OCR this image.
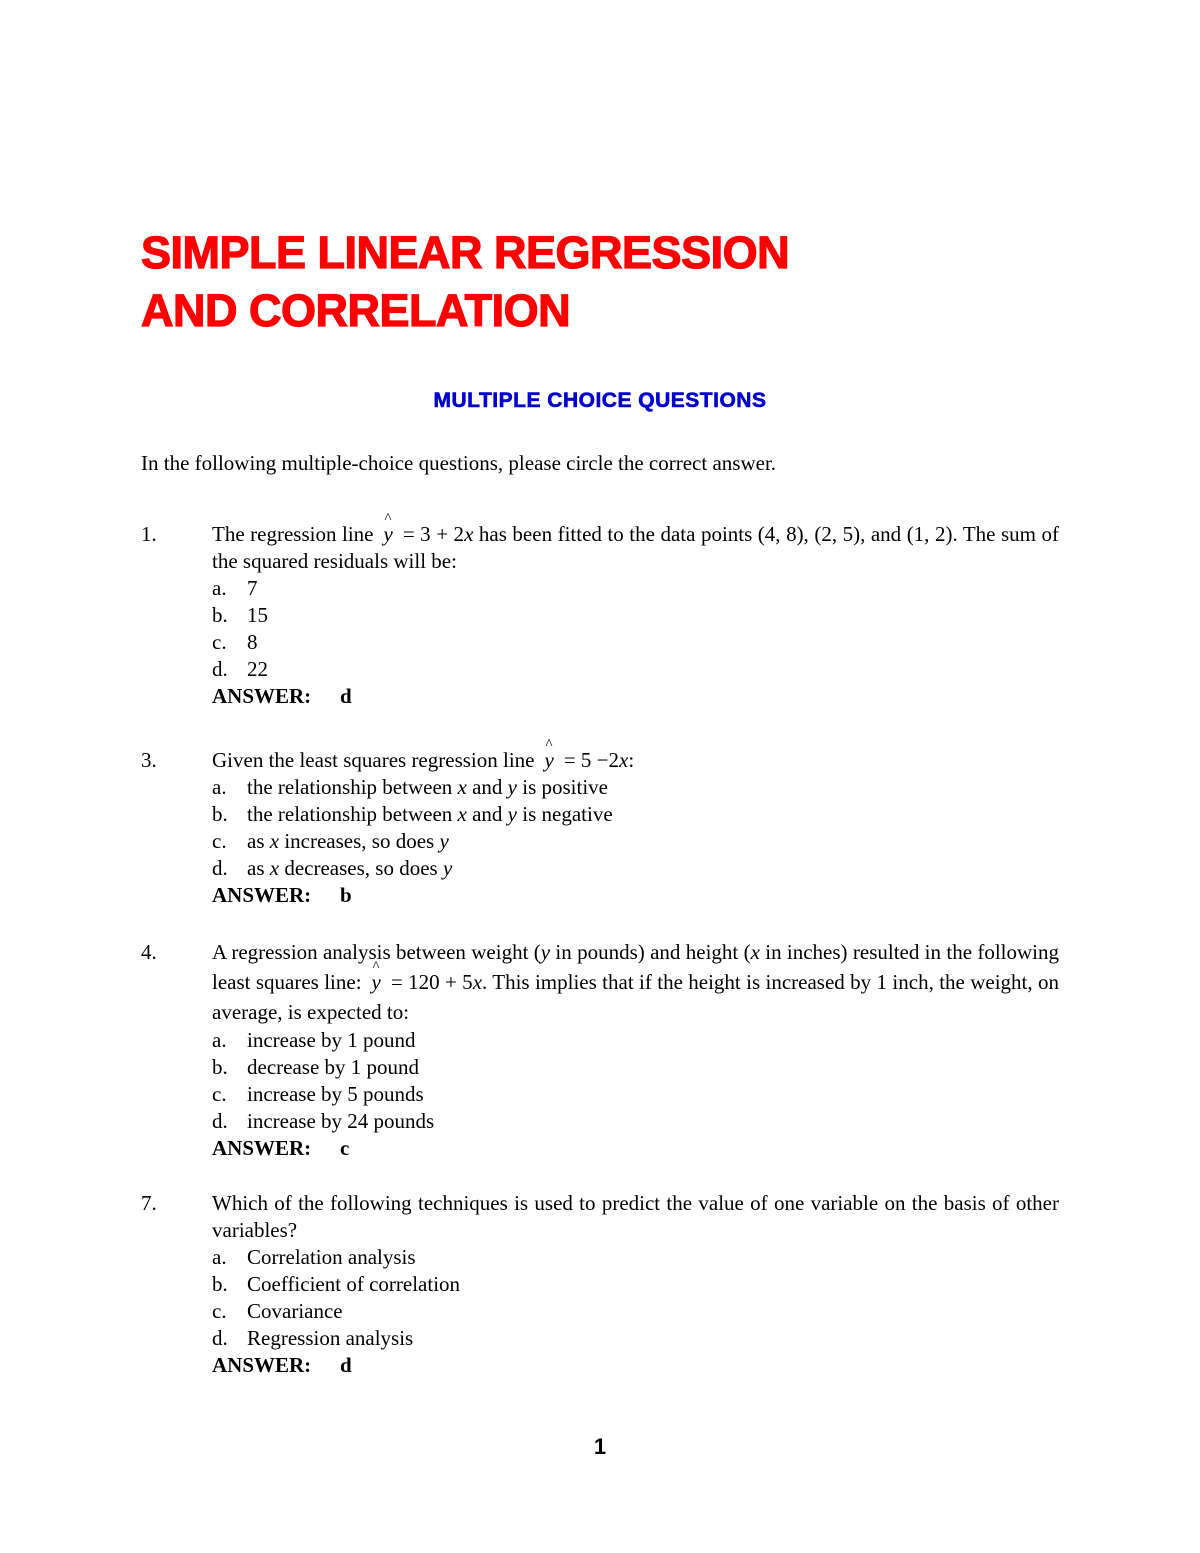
SIMPLE LINEAR REGRESSION
AND CORRELATION
MULTIPLE CHOICE QUESTIONS
In the following multiple-choice questions, please circle the correct answer.
1.	The regression line ^ y = 3 + 2x has been fitted to the data points (4, 8), (2, 5), and (1, 2). The sum of the squared residuals will be:
a. 7
b. 15
c. 8
d. 22
ANSWER: d
3.	Given the least squares regression line ^ y = 5 −2x:
a. the relationship between x and y is positive
b. the relationship between x and y is negative
c. as x increases, so does y
d. as x decreases, so does y
ANSWER: b
4.	A regression analysis between weight (y in pounds) and height (x in inches) resulted in the following least squares line: ^ y = 120 + 5x. This implies that if the height is increased by 1 inch, the weight, on average, is expected to:
a. increase by 1 pound
b. decrease by 1 pound
c. increase by 5 pounds
d. increase by 24 pounds
ANSWER: c
7.	Which of the following techniques is used to predict the value of one variable on the basis of other variables?
a. Correlation analysis
b. Coefficient of correlation
c. Covariance
d. Regression analysis
ANSWER: d
1
